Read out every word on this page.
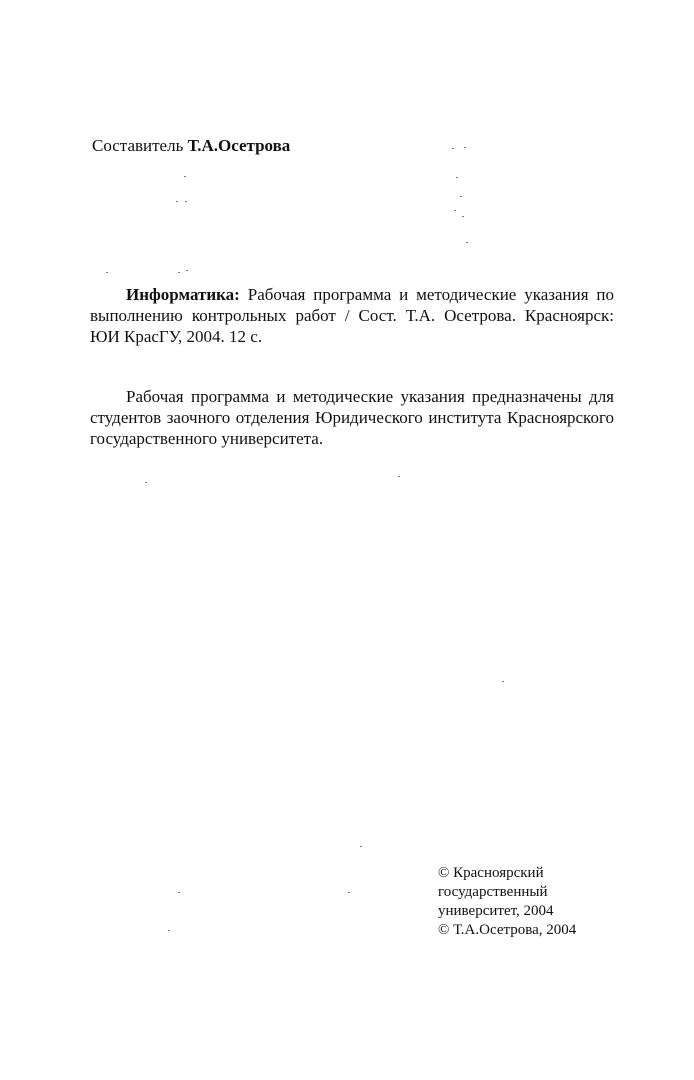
Составитель Т.А.Осетрова
Информатика: Рабочая программа и методические указания по выполнению контрольных работ / Сост. Т.А. Осетрова. Красноярск: ЮИ КрасГУ, 2004. 12 с.
Рабочая программа и методические указания предназначены для студентов заочного отделения Юридического института Красноярского государственного университета.
© Красноярский
государственный
университет, 2004
© Т.А.Осетрова, 2004
